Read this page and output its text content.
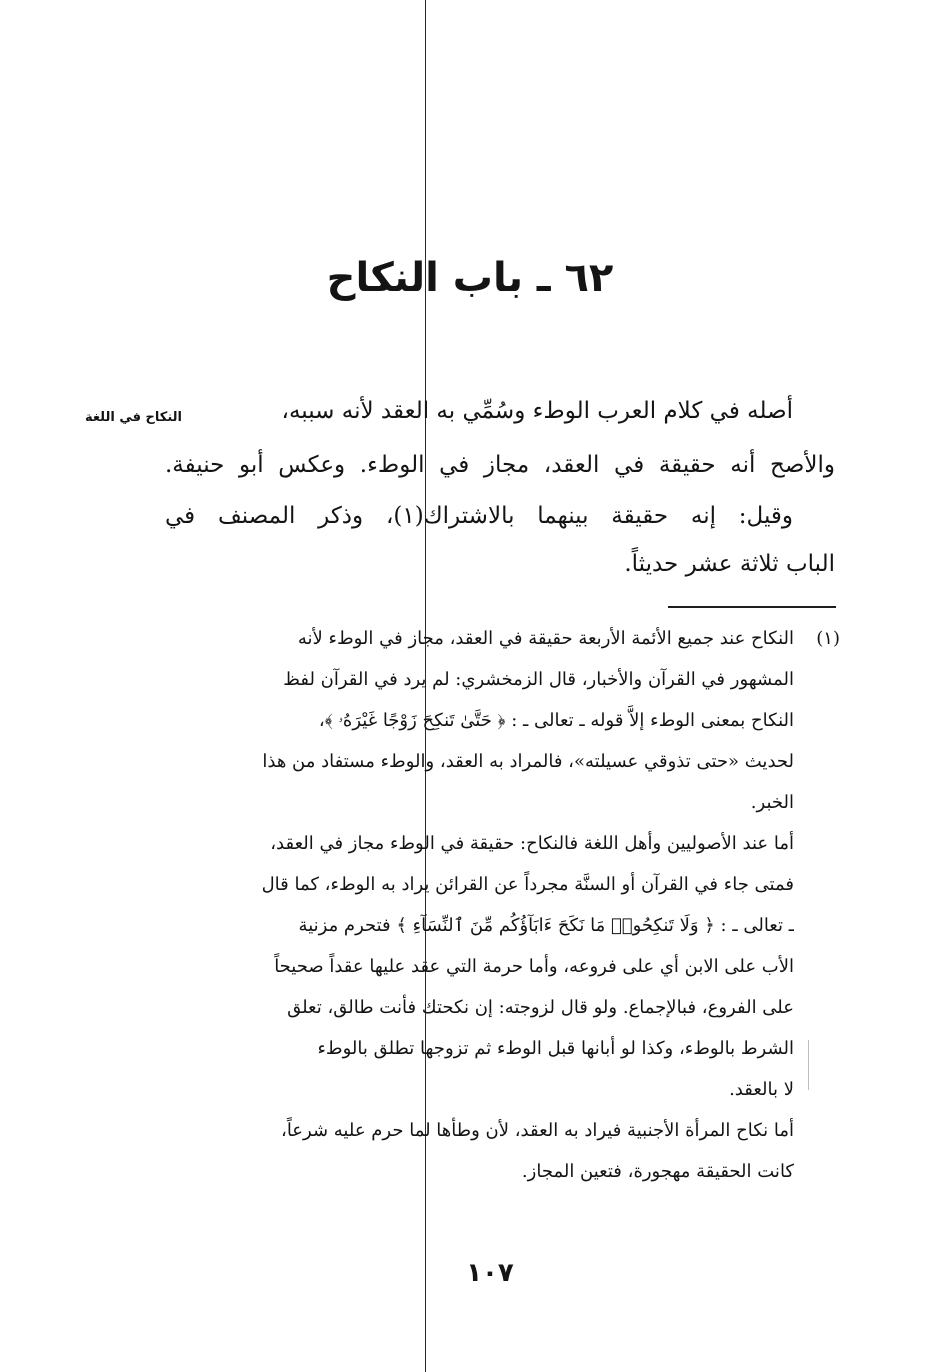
٦٢ ـ باب النكاح
النكاح في اللغة	أصله في كلام العرب الوطء وسُمِّي به العقد لأنه سببه،
والأصح أنه حقيقة في العقد، مجاز في الوطء. وعكس أبو حنيفة.
وقيل: إنه حقيقة بينهما بالاشتراك(١)، وذكر المصنف في
الباب ثلاثة عشر حديثاً.
(١)
النكاح عند جميع الأئمة الأربعة حقيقة في العقد، مجاز في الوطء لأنه
المشهور في القرآن والأخبار، قال الزمخشري: لم يرد في القرآن لفظ
النكاح بمعنى الوطء إلاَّ قوله ـ تعالى ـ : ﴿ حَتَّىٰ تَنكِحَ زَوْجًا غَيْرَهُۥ ﴾،
لحديث «حتى تذوقي عسيلته»، فالمراد به العقد، والوطء مستفاد من هذا
الخبر.
أما عند الأصوليين وأهل اللغة فالنكاح: حقيقة في الوطء مجاز في العقد،
فمتى جاء في القرآن أو السنَّة مجرداً عن القرائن يراد به الوطء، كما قال
ـ تعالى ـ : ﴿ وَلَا تَنكِحُوا۟ مَا نَكَحَ ءَابَآؤُكُم مِّنَ ٱلنِّسَآءِ ﴾ فتحرم مزنية
الأب على الابن أي على فروعه، وأما حرمة التي عقد عليها عقداً صحيحاً
على الفروع، فبالإجماع. ولو قال لزوجته: إن نكحتك فأنت طالق، تعلق
الشرط بالوطء، وكذا لو أبانها قبل الوطء ثم تزوجها تطلق بالوطء
لا بالعقد.
أما نكاح المرأة الأجنبية فيراد به العقد، لأن وطأها لما حرم عليه شرعاً،
كانت الحقيقة مهجورة، فتعين المجاز.
١٠٧
